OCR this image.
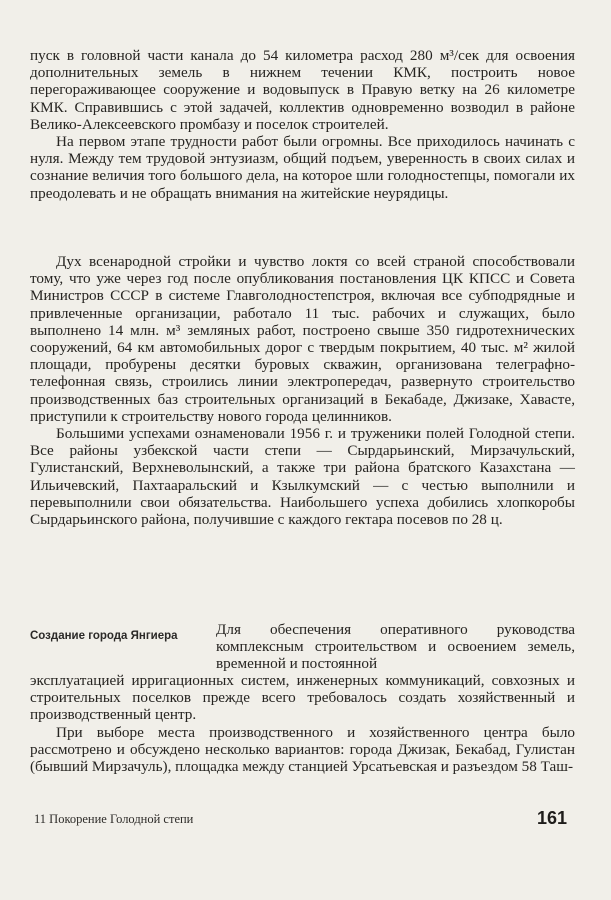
пуск в головной части канала до 54 километра расход 280 м³/сек для освоения дополнительных земель в нижнем течении КМК, построить новое перегораживающее сооружение и водовыпуск в Правую ветку на 26 километре КМК. Справившись с этой задачей, коллектив одновременно возводил в районе Велико-Алексеевского промбазу и поселок строителей.

На первом этапе трудности работ были огромны. Все приходилось начинать с нуля. Между тем трудовой энтузиазм, общий подъем, уверенность в своих силах и сознание величия того большого дела, на которое шли голодностепцы, помогали их преодолевать и не обращать внимания на житейские неурядицы.

Дух всенародной стройки и чувство локтя со всей страной способствовали тому, что уже через год после опубликования постановления ЦК КПСС и Совета Министров СССР в системе Главголодностепстроя, включая все субподрядные и привлеченные организации, работало 11 тыс. рабочих и служащих, было выполнено 14 млн. м³ земляных работ, построено свыше 350 гидротехнических сооружений, 64 км автомобильных дорог с твердым покрытием, 40 тыс. м² жилой площади, пробурены десятки буровых скважин, организована телеграфно-телефонная связь, строились линии электропередач, развернуто строительство производственных баз строительных организаций в Бекабаде, Джизаке, Хавасте, приступили к строительству нового города целинников.

Большими успехами ознаменовали 1956 г. и труженики полей Голодной степи. Все районы узбекской части степи — Сырдарьинский, Мирзачульский, Гулистанский, Верхневолынский, а также три района братского Казахстана — Ильичевский, Пахтааральский и Кзылкумский — с честью выполнили и перевыполнили свои обязательства. Наибольшего успеха добились хлопкоробы Сырдарьинского района, получившие с каждого гектара посевов по 28 ц.

Создание города Янгиера	Для обеспечения оперативного руководства комплексным строительством и освоением земель, временной и постоянной

эксплуатацией ирригационных систем, инженерных коммуникаций, совхозных и строительных поселков прежде всего требовалось создать хозяйственный и производственный центр.

При выборе места производственного и хозяйственного центра было рассмотрено и обсуждено несколько вариантов: города Джизак, Бекабад, Гулистан (бывший Мирзачуль), площадка между станцией Урсатьевская и разъездом 58 Таш-

11 Покорение Голодной степи	161
